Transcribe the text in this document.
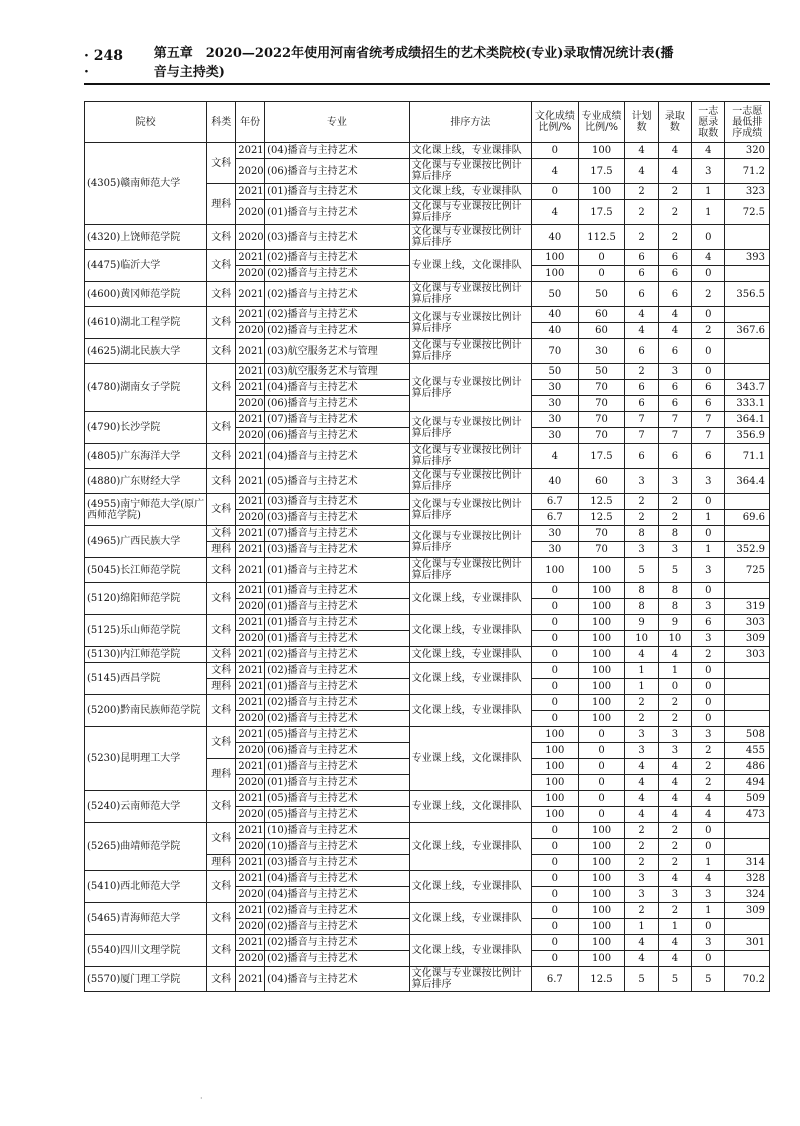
· 248 ·
第五章　2020—2022年使用河南省统考成绩招生的艺术类院校(专业)录取情况统计表(播音与主持类)
院校	科类	年份	专业	排序方法	文化成绩比例/%	专业成绩比例/%	计划数	录取数	一志愿录取数	一志愿最低排序成绩
(4305)赣南师范大学	文科	2021	(04)播音与主持艺术	文化课上线，专业课排队	0	100	4	4	4	320
		2020	(06)播音与主持艺术	文化课与专业课按比例计算后排序	4	17.5	4	4	3	71.2
	理科	2021	(01)播音与主持艺术	文化课上线，专业课排队	0	100	2	2	1	323
		2020	(01)播音与主持艺术	文化课与专业课按比例计算后排序	4	17.5	2	2	1	72.5
(4320)上饶师范学院	文科	2020	(03)播音与主持艺术	文化课与专业课按比例计算后排序	40	112.5	2	2	0	
(4475)临沂大学	文科	2021	(02)播音与主持艺术	专业课上线，文化课排队	100	0	6	6	4	393
		2020	(02)播音与主持艺术		100	0	6	6	0	
(4600)黄冈师范学院	文科	2021	(02)播音与主持艺术	文化课与专业课按比例计算后排序	50	50	6	6	2	356.5
(4610)湖北工程学院	文科	2021	(02)播音与主持艺术	文化课与专业课按比例计算后排序	40	60	4	4	0	
		2020	(02)播音与主持艺术		40	60	4	4	2	367.6
(4625)湖北民族大学	文科	2021	(03)航空服务艺术与管理	文化课与专业课按比例计算后排序	70	30	6	6	0	
(4780)湖南女子学院	文科	2021	(03)航空服务艺术与管理	文化课与专业课按比例计算后排序	50	50	2	3	0	
		2021	(04)播音与主持艺术		30	70	6	6	6	343.7
		2020	(06)播音与主持艺术		30	70	6	6	6	333.1
(4790)长沙学院	文科	2021	(07)播音与主持艺术	文化课与专业课按比例计算后排序	30	70	7	7	7	364.1
		2020	(06)播音与主持艺术		30	70	7	7	7	356.9
(4805)广东海洋大学	文科	2021	(04)播音与主持艺术	文化课与专业课按比例计算后排序	4	17.5	6	6	6	71.1
(4880)广东财经大学	文科	2021	(05)播音与主持艺术	文化课与专业课按比例计算后排序	40	60	3	3	3	364.4
(4955)南宁师范大学(原广西师范学院)	文科	2021	(03)播音与主持艺术	文化课与专业课按比例计算后排序	6.7	12.5	2	2	0	
		2020	(03)播音与主持艺术		6.7	12.5	2	2	1	69.6
(4965)广西民族大学	文科	2021	(07)播音与主持艺术	文化课与专业课按比例计算后排序	30	70	8	8	0	
	理科	2021	(03)播音与主持艺术		30	70	3	3	1	352.9
(5045)长江师范学院	文科	2021	(01)播音与主持艺术	文化课与专业课按比例计算后排序	100	100	5	5	3	725
(5120)绵阳师范学院	文科	2021	(01)播音与主持艺术	文化课上线，专业课排队	0	100	8	8	0	
		2020	(01)播音与主持艺术		0	100	8	8	3	319
(5125)乐山师范学院	文科	2021	(01)播音与主持艺术	文化课上线，专业课排队	0	100	9	9	6	303
		2020	(01)播音与主持艺术		0	100	10	10	3	309
(5130)内江师范学院	文科	2021	(02)播音与主持艺术	文化课上线，专业课排队	0	100	4	4	2	303
(5145)西昌学院	文科	2021	(02)播音与主持艺术	文化课上线，专业课排队	0	100	1	1	0	
	理科	2021	(01)播音与主持艺术		0	100	1	0	0	
(5200)黔南民族师范学院	文科	2021	(02)播音与主持艺术	文化课上线，专业课排队	0	100	2	2	0	
		2020	(02)播音与主持艺术		0	100	2	2	0	
(5230)昆明理工大学	文科	2021	(05)播音与主持艺术	专业课上线，文化课排队	100	0	3	3	3	508
		2020	(06)播音与主持艺术		100	0	3	3	2	455
	理科	2021	(01)播音与主持艺术		100	0	4	4	2	486
		2020	(01)播音与主持艺术		100	0	4	4	2	494
(5240)云南师范大学	文科	2021	(05)播音与主持艺术	专业课上线，文化课排队	100	0	4	4	4	509
		2020	(05)播音与主持艺术		100	0	4	4	4	473
(5265)曲靖师范学院	文科	2021	(10)播音与主持艺术	文化课上线，专业课排队	0	100	2	2	0	
		2020	(10)播音与主持艺术		0	100	2	2	0	
	理科	2021	(03)播音与主持艺术		0	100	2	2	1	314
(5410)西北师范大学	文科	2021	(04)播音与主持艺术	文化课上线，专业课排队	0	100	3	4	4	328
		2020	(04)播音与主持艺术		0	100	3	3	3	324
(5465)青海师范大学	文科	2021	(02)播音与主持艺术	文化课上线，专业课排队	0	100	2	2	1	309
		2020	(02)播音与主持艺术		0	100	1	1	0	
(5540)四川文理学院	文科	2021	(02)播音与主持艺术	文化课上线，专业课排队	0	100	4	4	3	301
		2020	(02)播音与主持艺术		0	100	4	4	0	
(5570)厦门理工学院	文科	2021	(04)播音与主持艺术	文化课与专业课按比例计算后排序	6.7	12.5	5	5	5	70.2
·
